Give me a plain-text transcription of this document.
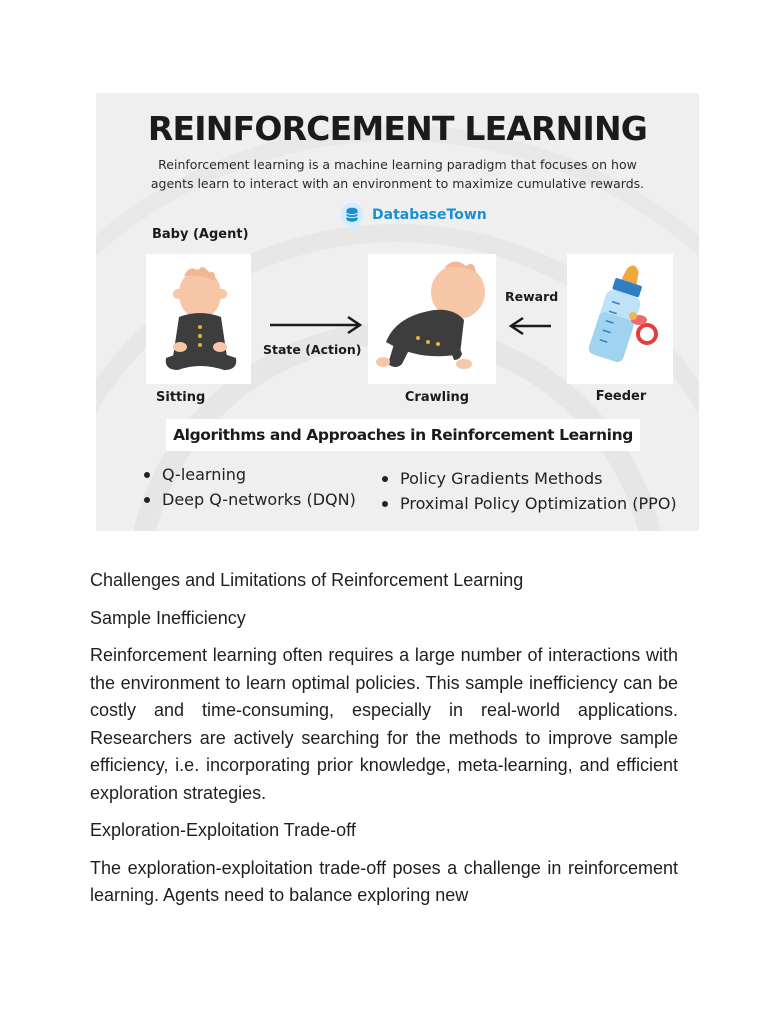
REINFORCEMENT LEARNING
Reinforcement learning is a machine learning paradigm that focuses on how agents learn to interact with an environment to maximize cumulative rewards.
DatabaseTown
Baby (Agent)
Sitting
State (Action)
Crawling
Reward
Feeder
Algorithms and Approaches in Reinforcement Learning
Q-learning
Deep Q-networks (DQN)
Policy Gradients Methods
Proximal Policy Optimization (PPO)

Challenges and Limitations of Reinforcement Learning

Sample Inefficiency

Reinforcement learning often requires a large number of interactions with the environment to learn optimal policies. This sample inefficiency can be costly and time-consuming, especially in real-world applications. Researchers are actively searching for the methods to improve sample efficiency, i.e. incorporating prior knowledge, meta-learning, and efficient exploration strategies.

Exploration-Exploitation Trade-off

The exploration-exploitation trade-off poses a challenge in reinforcement learning. Agents need to balance exploring new
